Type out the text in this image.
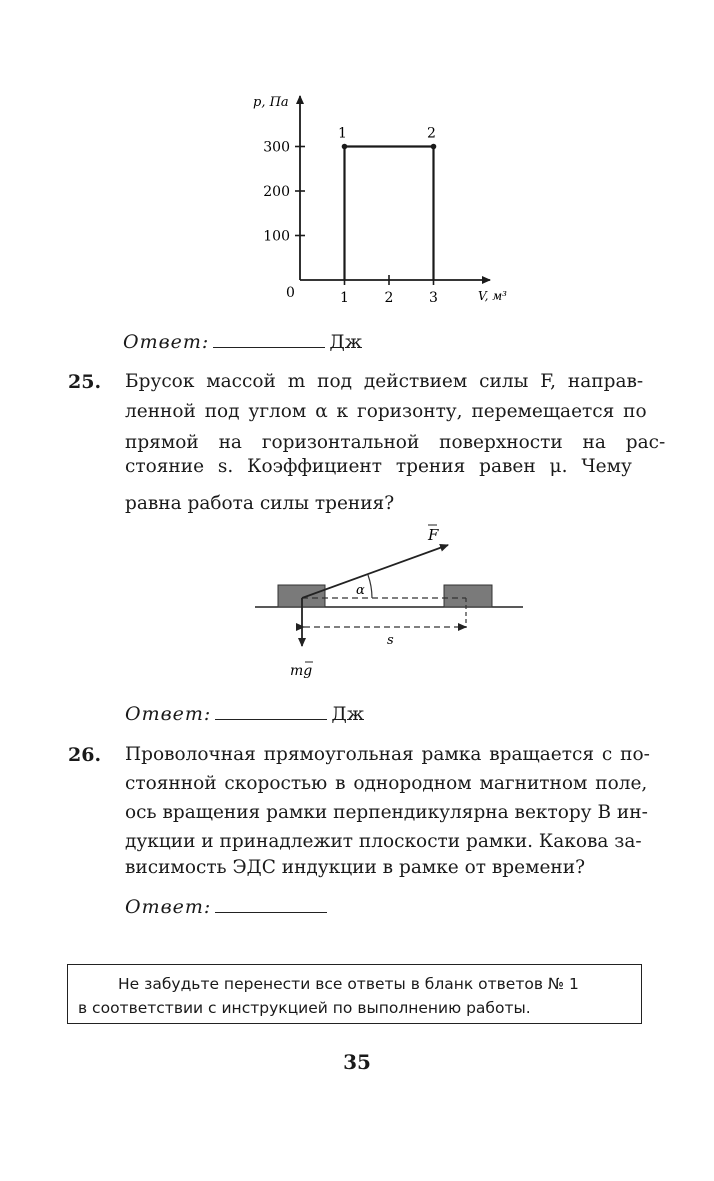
100
200
300
1	2	3
1	2
p, Па
V, м³
0
Ответ:	Дж
25. Брусок массой m под действием силы F, направ-
ленной под углом α к горизонту, перемещается по
прямой на горизонтальной поверхности на рас-
стояние s. Коэффициент трения равен μ. Чему
равна работа силы трения?
F
α
s
mg
Ответ:	Дж
26. Проволочная прямоугольная рамка вращается с по-
стоянной скоростью в однородном магнитном поле,
ось вращения рамки перпендикулярна вектору B ин-
дукции и принадлежит плоскости рамки. Какова за-
висимость ЭДС индукции в рамке от времени?
Ответ:
Не забудьте перенести все ответы в бланк ответов № 1
в соответствии с инструкцией по выполнению работы.
35
